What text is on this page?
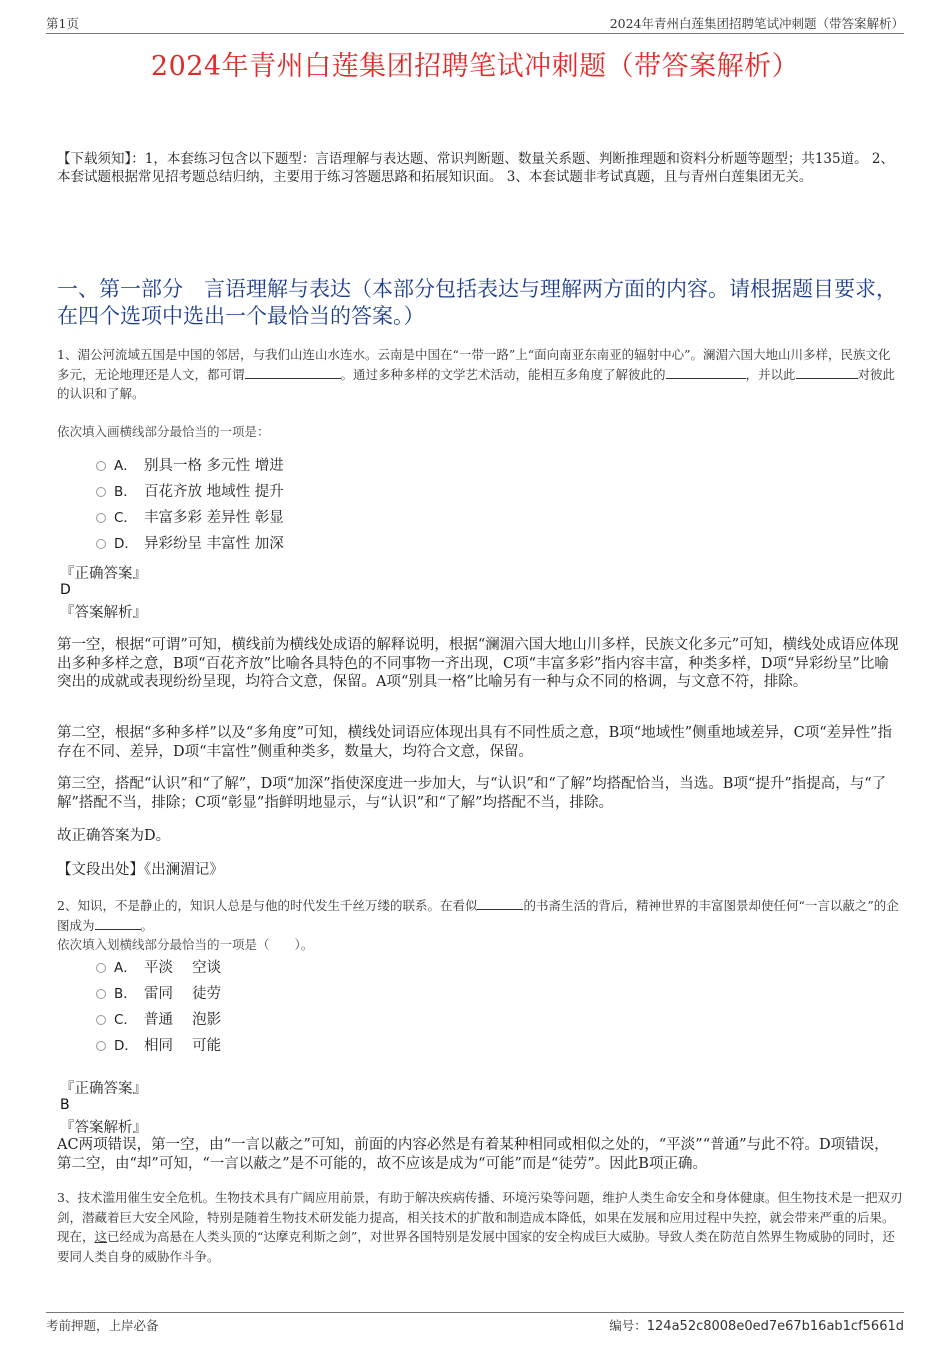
第1页	2024年青州白莲集团招聘笔试冲刺题（带答案解析）
2024年青州白莲集团招聘笔试冲刺题（带答案解析）

【下载须知】：1，本套练习包含以下题型：言语理解与表达题、常识判断题、数量关系题、判断推理题和资料分析题等题型；共135道。 2、本套试题根据常见招考题总结归纳，主要用于练习答题思路和拓展知识面。 3、本套试题非考试真题，且与青州白莲集团无关。

一、第一部分　言语理解与表达（本部分包括表达与理解两方面的内容。请根据题目要求，在四个选项中选出一个最恰当的答案。）

1、湄公河流域五国是中国的邻居，与我们山连山水连水。云南是中国在“一带一路”上“面向南亚东南亚的辐射中心”。澜湄六国大地山川多样，民族文化多元，无论地理还是人文，都可谓	。通过多种多样的文学艺术活动，能相互多角度了解彼此的	，并以此	对彼此的认识和了解。

依次填入画横线部分最恰当的一项是：
A． 别具一格 多元性 增进
B． 百花齐放 地域性 提升
C． 丰富多彩 差异性 彰显
D． 异彩纷呈 丰富性 加深
『正确答案』
D
『答案解析』

第一空，根据“可谓”可知，横线前为横线处成语的解释说明，根据“澜湄六国大地山川多样，民族文化多元”可知，横线处成语应体现出多种多样之意，B项“百花齐放”比喻各具特色的不同事物一齐出现，C项“丰富多彩”指内容丰富，种类多样，D项“异彩纷呈”比喻突出的成就或表现纷纷呈现，均符合文意，保留。A项“别具一格”比喻另有一种与众不同的格调，与文意不符，排除。

第二空，根据“多种多样”以及“多角度”可知，横线处词语应体现出具有不同性质之意，B项“地域性”侧重地域差异，C项“差异性”指存在不同、差异，D项“丰富性”侧重种类多，数量大，均符合文意，保留。

第三空，搭配“认识”和“了解”，D项“加深”指使深度进一步加大，与“认识”和“了解”均搭配恰当，当选。B项“提升”指提高，与“了解”搭配不当，排除；C项“彰显”指鲜明地显示，与“认识”和“了解”均搭配不当，排除。

故正确答案为D。

【文段出处】《出澜湄记》

2、知识，不是静止的，知识人总是与他的时代发生千丝万缕的联系。在看似	的书斋生活的背后，精神世界的丰富图景却使任何“一言以蔽之”的企图成为	。

依次填入划横线部分最恰当的一项是（　　）。
A． 平淡　 空谈
B． 雷同　 徒劳
C． 普通　 泡影
D． 相同　 可能
『正确答案』
B
『答案解析』

AC两项错误，第一空，由“一言以蔽之”可知，前面的内容必然是有着某种相同或相似之处的，“平淡”“普通”与此不符。D项错误，第二空，由“却”可知，“一言以蔽之”是不可能的，故不应该是成为“可能”而是“徒劳”。因此B项正确。

3、技术滥用催生安全危机。生物技术具有广阔应用前景，有助于解决疾病传播、环境污染等问题，维护人类生命安全和身体健康。但生物技术是一把双刃剑，潜藏着巨大安全风险，特别是随着生物技术研发能力提高，相关技术的扩散和制造成本降低，如果在发展和应用过程中失控，就会带来严重的后果。现在，这已经成为高悬在人类头顶的“达摩克利斯之剑”，对世界各国特别是发展中国家的安全构成巨大威胁。导致人类在防范自然界生物威胁的同时，还要同人类自身的威胁作斗争。

考前押题，上岸必备	编号：124a52c8008e0ed7e67b16ab1cf5661d
